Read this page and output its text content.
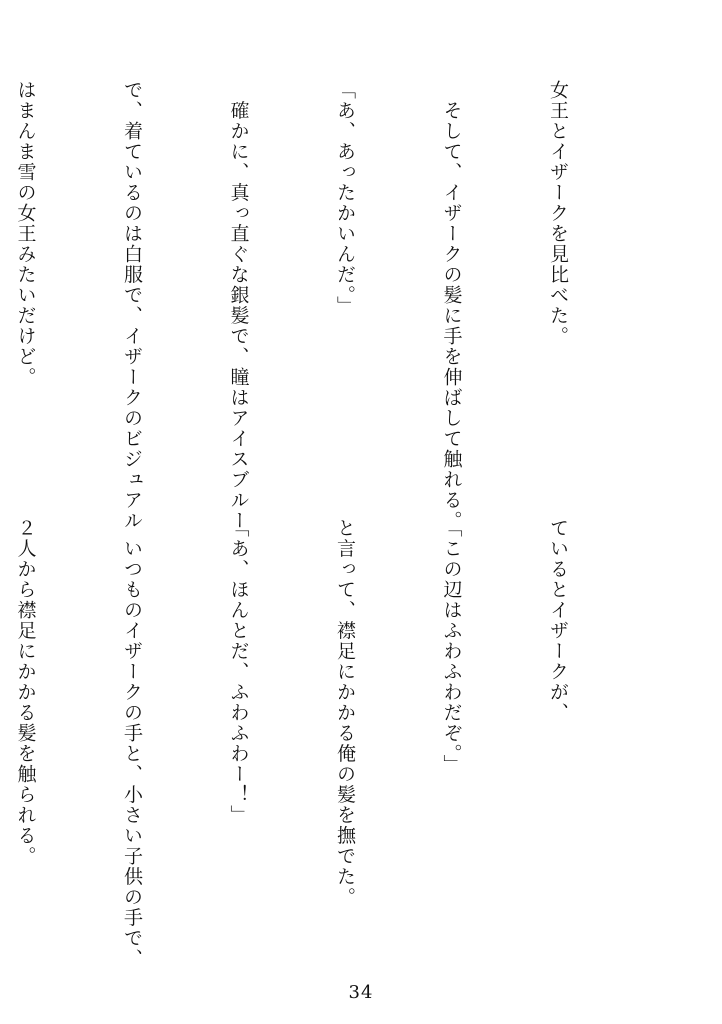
女王とイザークを見比べた。

　そして、イザークの髪に手を伸ばして触れる。

「あ、あったかいんだ。」

　確かに、真っ直ぐな銀髪で、瞳はアイスブルー

で、着ているのは白服で、イザークのビジュアル

はまんま雪の女王みたいだけど。

ているとイザークが、

「この辺はふわふわだぞ。」

と言って、襟足にかかる俺の髪を撫でた。

「あ、ほんとだ、ふわふわー！」

　いつものイザークの手と、小さい子供の手で、

２人から襟足にかかる髪を触られる。

34
